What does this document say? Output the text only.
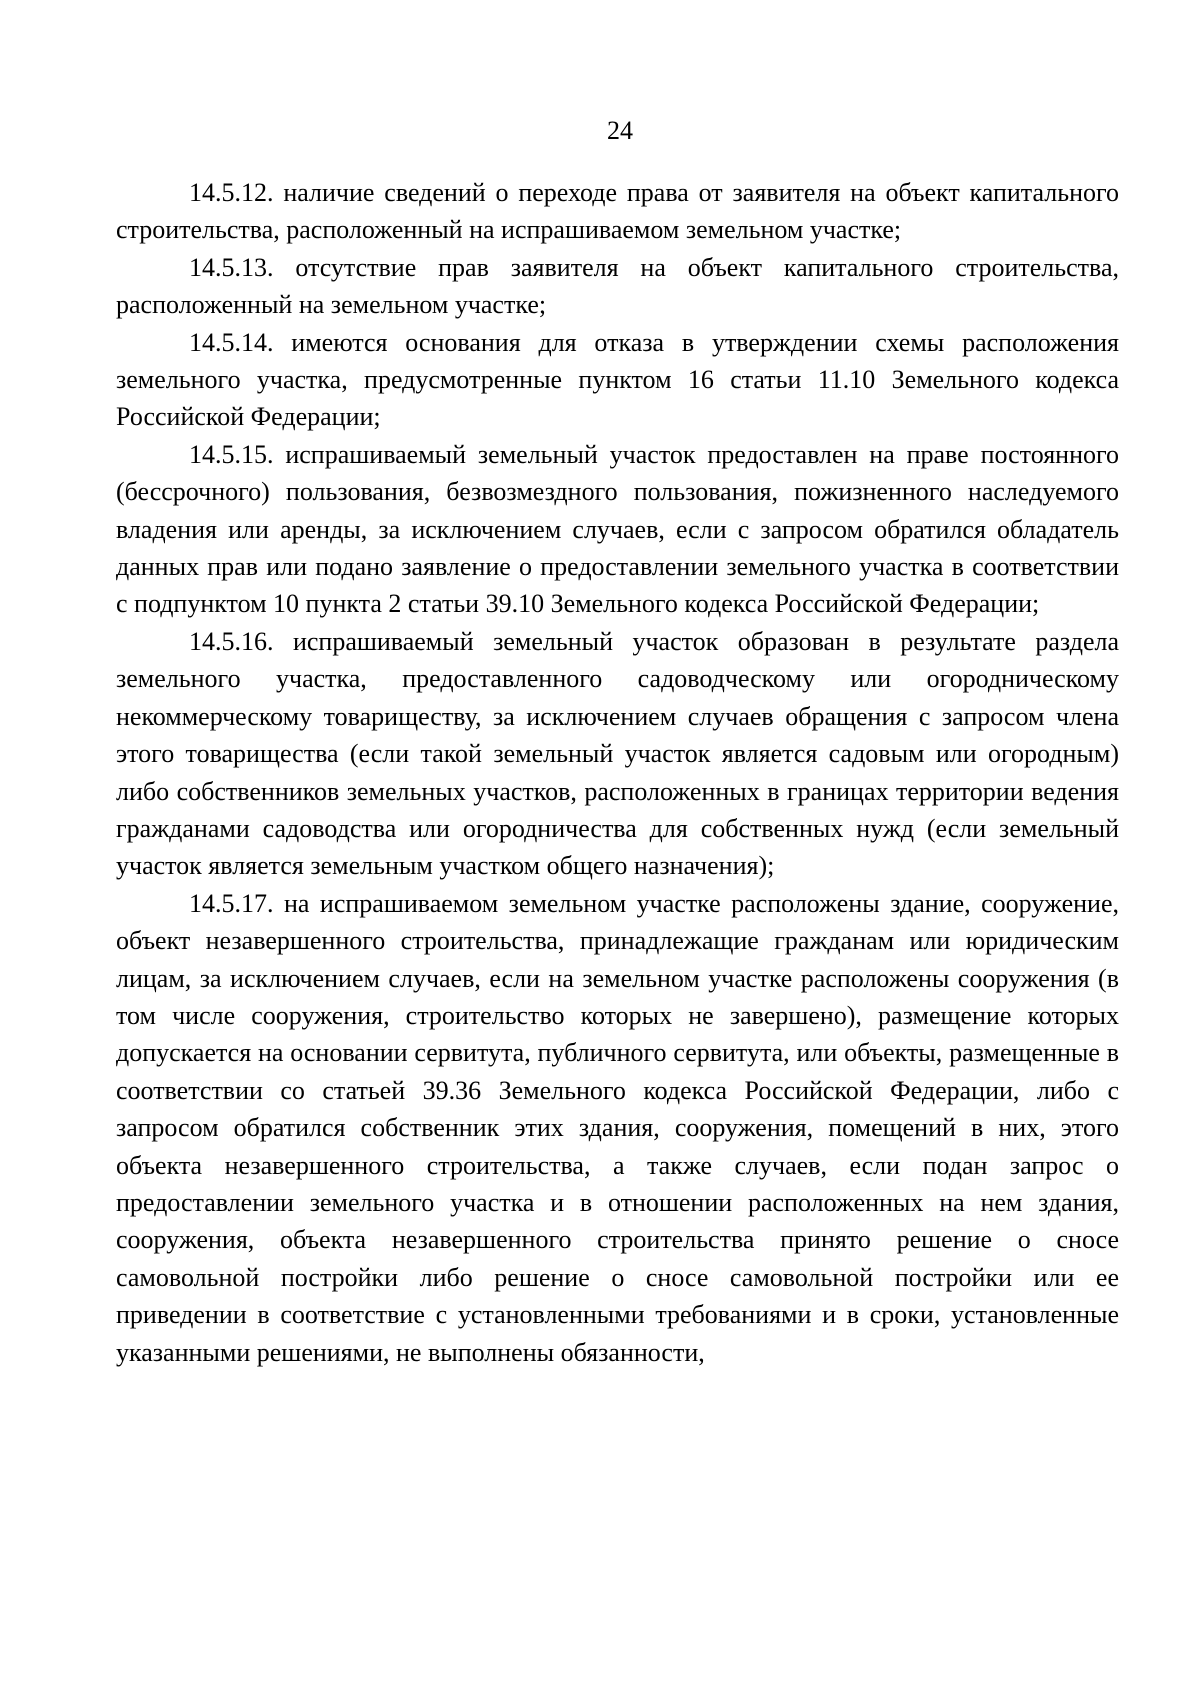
24

14.5.12. наличие сведений о переходе права от заявителя на объект капитального строительства, расположенный на испрашиваемом земельном участке;

14.5.13. отсутствие прав заявителя на объект капитального строительства, расположенный на земельном участке;

14.5.14. имеются основания для отказа в утверждении схемы расположения земельного участка, предусмотренные пунктом 16 статьи 11.10 Земельного кодекса Российской Федерации;

14.5.15. испрашиваемый земельный участок предоставлен на праве постоянного (бессрочного) пользования, безвозмездного пользования, пожизненного наследуемого владения или аренды, за исключением случаев, если с запросом обратился обладатель данных прав или подано заявление о предоставлении земельного участка в соответствии с подпунктом 10 пункта 2 статьи 39.10 Земельного кодекса Российской Федерации;

14.5.16. испрашиваемый земельный участок образован в результате раздела земельного участка, предоставленного садоводческому или огородническому некоммерческому товариществу, за исключением случаев обращения с запросом члена этого товарищества (если такой земельный участок является садовым или огородным) либо собственников земельных участков, расположенных в границах территории ведения гражданами садоводства или огородничества для собственных нужд (если земельный участок является земельным участком общего назначения);

14.5.17. на испрашиваемом земельном участке расположены здание, сооружение, объект незавершенного строительства, принадлежащие гражданам или юридическим лицам, за исключением случаев, если на земельном участке расположены сооружения (в том числе сооружения, строительство которых не завершено), размещение которых допускается на основании сервитута, публичного сервитута, или объекты, размещенные в соответствии со статьей 39.36 Земельного кодекса Российской Федерации, либо с запросом обратился собственник этих здания, сооружения, помещений в них, этого объекта незавершенного строительства, а также случаев, если подан запрос о предоставлении земельного участка и в отношении расположенных на нем здания, сооружения, объекта незавершенного строительства принято решение о сносе самовольной постройки либо решение о сносе самовольной постройки или ее приведении в соответствие с установленными требованиями и в сроки, установленные указанными решениями, не выполнены обязанности,
